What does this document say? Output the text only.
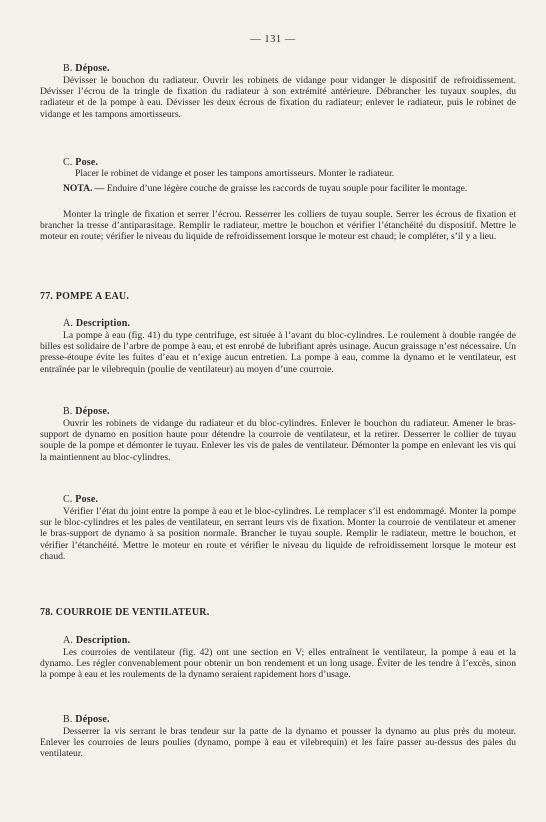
— 131 —
B. Dépose.

Dévisser le bouchon du radiateur. Ouvrir les robinets de vidange pour vidanger le dispositif de refroidissement. Dévisser l’écrou de la tringle de fixation du radiateur à son extrémité antérieure. Débrancher les tuyaux souples, du radiateur et de la pompe à eau. Dévisser les deux écrous de fixation du radiateur; enlever le radiateur, puis le robinet de vidange et les tampons amortisseurs.

C. Pose.

Placer le robinet de vidange et poser les tampons amortisseurs. Monter le radiateur.

NOTA. — Enduire d’une légère couche de graisse les raccords de tuyau souple pour faciliter le montage.

Monter la tringle de fixation et serrer l’écrou. Resserrer les colliers de tuyau souple. Serrer les écrous de fixation et brancher la tresse d’antiparasitage. Remplir le radiateur, mettre le bouchon et vérifier l’étanchéité du dispositif. Mettre le moteur en route; vérifier le niveau du liquide de refroidissement lorsque le moteur est chaud; le compléter, s’il y a lieu.

77. POMPE A EAU.
A. Description.

La pompe à eau (fig. 41) du type centrifuge, est située à l’avant du bloc-cylindres. Le roulement à double rangée de billes est solidaire de l’arbre de pompe à eau, et est enrobé de lubrifiant après usinage. Aucun graissage n’est nécessaire. Un presse-étoupe évite les fuites d’eau et n’exige aucun entretien. La pompe à eau, comme la dynamo et le ventilateur, est entraînée par le vilebrequin (poulie de ventilateur) au moyen d’une courroie.

B. Dépose.

Ouvrir les robinets de vidange du radiateur et du bloc-cylindres. Enlever le bouchon du radiateur. Amener le bras-support de dynamo en position haute pour détendre la courroie de ventilateur, et la retirer. Desserrer le collier de tuyau souple de la pompe et démonter le tuyau. Enlever les vis de pales de ventilateur. Démonter la pompe en enlevant les vis qui la maintiennent au bloc-cylindres.

C. Pose.

Vérifier l’état du joint entre la pompe à eau et le bloc-cylindres. Le remplacer s’il est endommagé. Monter la pompe sur le bloc-cylindres et les pales de ventilateur, en serrant leurs vis de fixation. Monter la courroie de ventilateur et amener le bras-support de dynamo à sa position normale. Brancher le tuyau souple. Remplir le radiateur, mettre le bouchon, et vérifier l’étanchéité. Mettre le moteur en route et vérifier le niveau du liquide de refroidissement lorsque le moteur est chaud.

78. COURROIE DE VENTILATEUR.
A. Description.

Les courroies de ventilateur (fig. 42) ont une section en V; elles entraînent le ventilateur, la pompe à eau et la dynamo. Les régler convenablement pour obtenir un bon rendement et un long usage. Éviter de les tendre à l’excès, sinon la pompe à eau et les roulements de la dynamo seraient rapidement hors d’usage.

B. Dépose.

Desserrer la vis serrant le bras tendeur sur la patte de la dynamo et pousser la dynamo au plus près du moteur. Enlever les courroies de leurs poulies (dynamo, pompe à eau et vilebrequin) et les faire passer au-dessus des pales du ventilateur.
